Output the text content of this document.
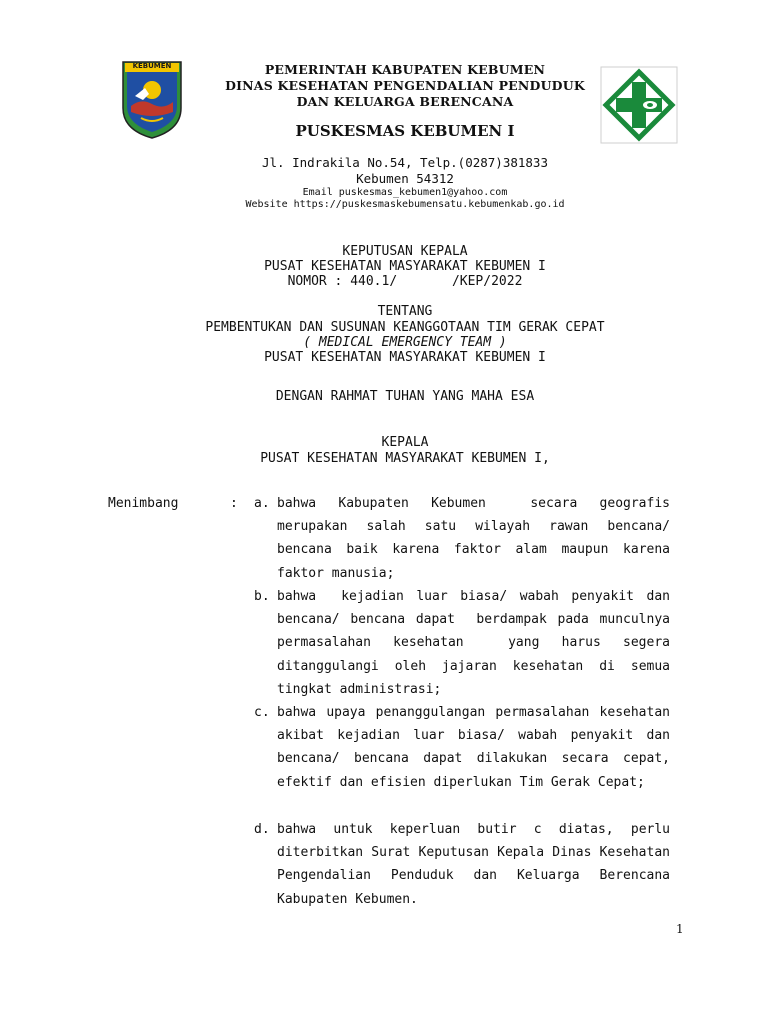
KEBUMEN	PEMERINTAH KABUPATEN KEBUMEN
DINAS KESEHATAN PENGENDALIAN PENDUDUK
DAN KELUARGA BERENCANA
PUSKESMAS KEBUMEN I
Jl. Indrakila No.54, Telp.(0287)381833
Kebumen 54312
Email puskesmas_kebumen1@yahoo.com
Website https://puskesmaskebumensatu.kebumenkab.go.id
KEPUTUSAN KEPALA
PUSAT KESEHATAN MASYARAKAT KEBUMEN I
NOMOR : 440.1/       /KEP/2022
TENTANG
PEMBENTUKAN DAN SUSUNAN KEANGGOTAAN TIM GERAK CEPAT
( MEDICAL EMERGENCY TEAM )
PUSAT KESEHATAN MASYARAKAT KEBUMEN I
DENGAN RAHMAT TUHAN YANG MAHA ESA
KEPALA
PUSAT KESEHATAN MASYARAKAT KEBUMEN I,
Menimbang	: a. bahwa Kabupaten Kebumen  secara geografis merupakan salah satu wilayah rawan bencana/ bencana baik karena faktor alam maupun karena faktor manusia;
b. bahwa  kejadian luar biasa/ wabah penyakit dan bencana/ bencana dapat  berdampak pada munculnya permasalahan kesehatan  yang harus segera ditanggulangi oleh jajaran kesehatan di semua tingkat administrasi;
c. bahwa upaya penanggulangan permasalahan kesehatan akibat kejadian luar biasa/ wabah penyakit dan bencana/ bencana dapat dilakukan secara cepat, efektif dan efisien diperlukan Tim Gerak Cepat;
d. bahwa untuk keperluan butir c diatas, perlu diterbitkan Surat Keputusan Kepala Dinas Kesehatan Pengendalian Penduduk dan Keluarga Berencana Kabupaten Kebumen.
1
